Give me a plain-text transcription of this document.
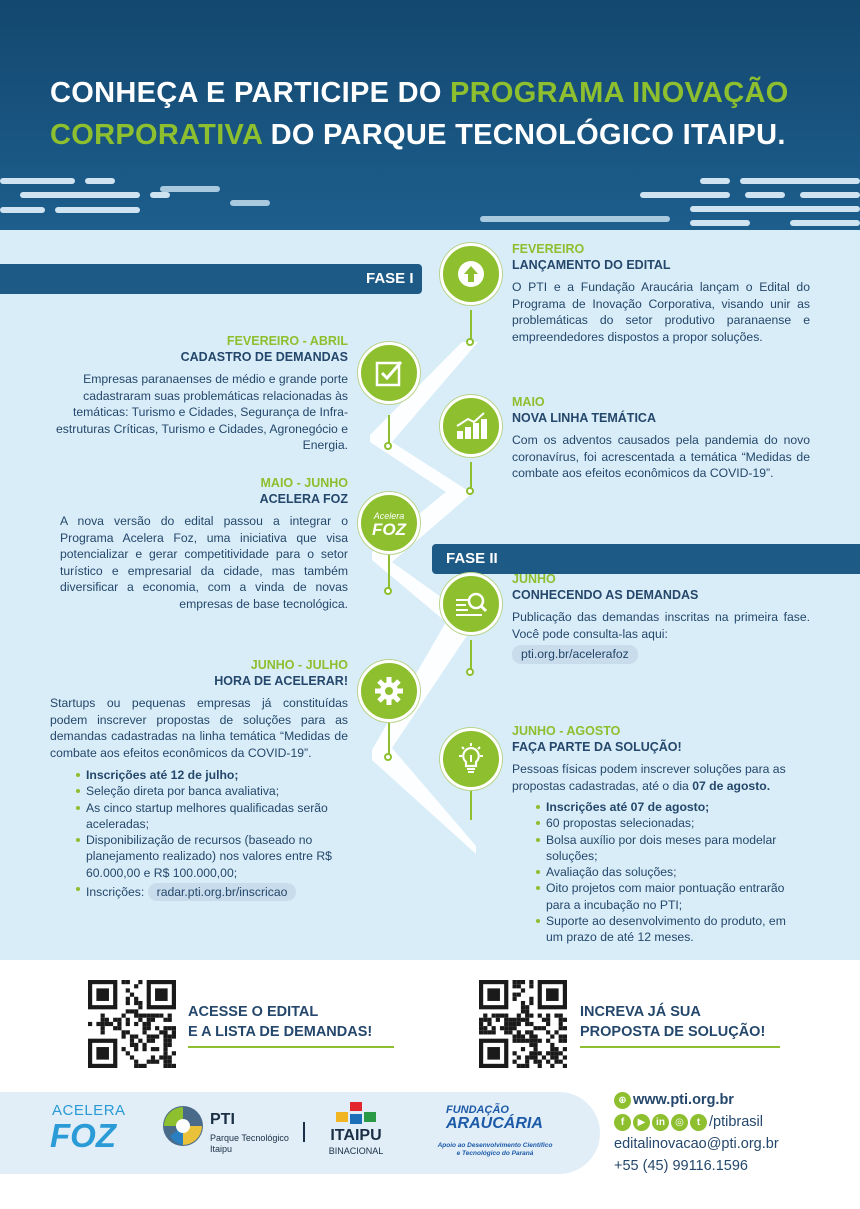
CONHEÇA E PARTICIPE DO PROGRAMA INOVAÇÃO CORPORATIVA DO PARQUE TECNOLÓGICO ITAIPU.
FASE I
FASE II
Acelera
FOZ
FEVEREIRO
LANÇAMENTO DO EDITAL
O PTI e a Fundação Araucária lançam o Edital do Programa de Inovação Corporativa, visando unir as problemáticas do setor produtivo paranaense e empreendedores dispostos a propor soluções.
FEVEREIRO - ABRIL
CADASTRO DE DEMANDAS
Empresas paranaenses de médio e grande porte cadastraram suas problemáticas relacionadas às temáticas: Turismo e Cidades, Segurança de Infra-estruturas Críticas, Turismo e Cidades, Agronegócio e Energia.
MAIO
NOVA LINHA TEMÁTICA
Com os adventos causados pela pandemia do novo coronavírus, foi acrescentada a temática “Medidas de combate aos efeitos econômicos da COVID-19”.
MAIO - JUNHO
ACELERA FOZ
A nova versão do edital passou a integrar o Programa Acelera Foz, uma iniciativa que visa potencializar e gerar competitividade para o setor turístico e empresarial da cidade, mas também diversificar a economia, com a vinda de novas empresas de base tecnológica.
JUNHO
CONHECENDO AS DEMANDAS
Publicação das demandas inscritas na primeira fase. Você pode consulta-las aqui:
pti.org.br/acelerafoz
JUNHO - JULHO
HORA DE ACELERAR!
Startups ou pequenas empresas já constituídas podem inscrever propostas de soluções para as demandas cadastradas na linha temática “Medidas de combate aos efeitos econômicos da COVID-19”.
Inscrições até 12 de julho;
Seleção direta por banca avaliativa;
As cinco startup melhores qualificadas serão aceleradas;
Disponibilização de recursos (baseado no planejamento realizado) nos valores entre R$ 60.000,00 e R$ 100.000,00;
Inscrições: radar.pti.org.br/inscricao
JUNHO - AGOSTO
FAÇA PARTE DA SOLUÇÃO!
Pessoas físicas podem inscrever soluções para as propostas cadastradas, até o dia 07 de agosto.
Inscrições até 07 de agosto;
60 propostas selecionadas;
Bolsa auxílio por dois meses para modelar soluções;
Avaliação das soluções;
Oito projetos com maior pontuação entrarão para a incubação no PTI;
Suporte ao desenvolvimento do produto, em um prazo de até 12 meses.
ACESSE O EDITAL
E A LISTA DE DEMANDAS!
INCREVA JÁ SUA
PROPOSTA DE SOLUÇÃO!
ACELERA
FOZ	PTI
Parque Tecnológico
Itaipu
ITAIPU
BINACIONAL
FUNDAÇÃO
ARAUCÁRIA
Apoio ao Desenvolvimento Científico
e Tecnológico do Paraná
⊕ www.pti.org.br
f ▶ in ◎ t /ptibrasil
editalinovacao@pti.org.br
+55 (45) 99116.1596
